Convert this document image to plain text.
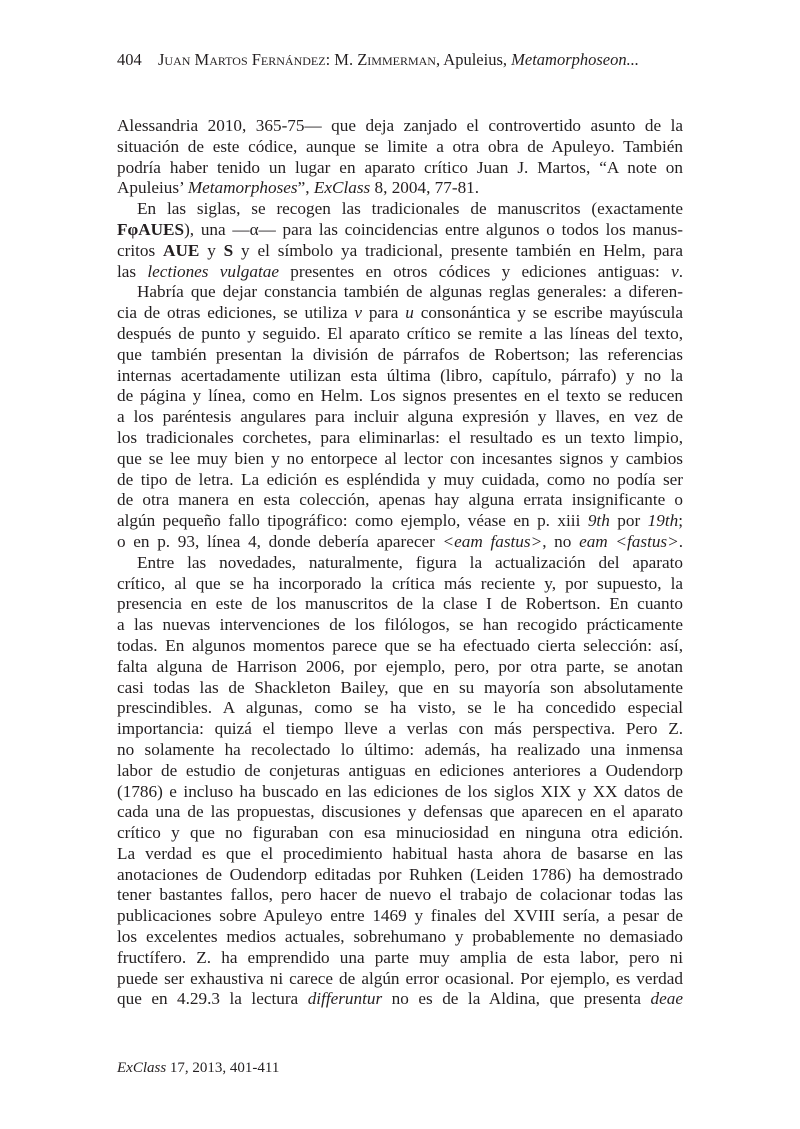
404 Juan Martos Fernández: M. Zimmerman, Apuleius, Metamorphoseon...
Alessandria 2010, 365-75— que deja zanjado el controvertido asunto de la
situación de este códice, aunque se limite a otra obra de Apuleyo. También
podría haber tenido un lugar en aparato crítico Juan J. Martos, “A note on
Apuleius’ Metamorphoses”, ExClass 8, 2004, 77-81.
En las siglas, se recogen las tradicionales de manuscritos (exactamente
FφAUES), una —α— para las coincidencias entre algunos o todos los manus-
critos AUE y S y el símbolo ya tradicional, presente también en Helm, para
las lectiones vulgatae presentes en otros códices y ediciones antiguas: v.
Habría que dejar constancia también de algunas reglas generales: a diferen-
cia de otras ediciones, se utiliza v para u consonántica y se escribe mayúscula
después de punto y seguido. El aparato crítico se remite a las líneas del texto,
que también presentan la división de párrafos de Robertson; las referencias
internas acertadamente utilizan esta última (libro, capítulo, párrafo) y no la
de página y línea, como en Helm. Los signos presentes en el texto se reducen
a los paréntesis angulares para incluir alguna expresión y llaves, en vez de
los tradicionales corchetes, para eliminarlas: el resultado es un texto limpio,
que se lee muy bien y no entorpece al lector con incesantes signos y cambios
de tipo de letra. La edición es espléndida y muy cuidada, como no podía ser
de otra manera en esta colección, apenas hay alguna errata insignificante o
algún pequeño fallo tipográfico: como ejemplo, véase en p. xiii 9th por 19th;
o en p. 93, línea 4, donde debería aparecer <eam fastus>, no eam <fastus>.
Entre las novedades, naturalmente, figura la actualización del aparato
crítico, al que se ha incorporado la crítica más reciente y, por supuesto, la
presencia en este de los manuscritos de la clase I de Robertson. En cuanto
a las nuevas intervenciones de los filólogos, se han recogido prácticamente
todas. En algunos momentos parece que se ha efectuado cierta selección: así,
falta alguna de Harrison 2006, por ejemplo, pero, por otra parte, se anotan
casi todas las de Shackleton Bailey, que en su mayoría son absolutamente
prescindibles. A algunas, como se ha visto, se le ha concedido especial
importancia: quizá el tiempo lleve a verlas con más perspectiva. Pero Z.
no solamente ha recolectado lo último: además, ha realizado una inmensa
labor de estudio de conjeturas antiguas en ediciones anteriores a Oudendorp
(1786) e incluso ha buscado en las ediciones de los siglos XIX y XX datos de
cada una de las propuestas, discusiones y defensas que aparecen en el aparato
crítico y que no figuraban con esa minuciosidad en ninguna otra edición.
La verdad es que el procedimiento habitual hasta ahora de basarse en las
anotaciones de Oudendorp editadas por Ruhken (Leiden 1786) ha demostrado
tener bastantes fallos, pero hacer de nuevo el trabajo de colacionar todas las
publicaciones sobre Apuleyo entre 1469 y finales del XVIII sería, a pesar de
los excelentes medios actuales, sobrehumano y probablemente no demasiado
fructífero. Z. ha emprendido una parte muy amplia de esta labor, pero ni
puede ser exhaustiva ni carece de algún error ocasional. Por ejemplo, es verdad
que en 4.29.3 la lectura differuntur no es de la Aldina, que presenta deae
ExClass 17, 2013, 401-411
